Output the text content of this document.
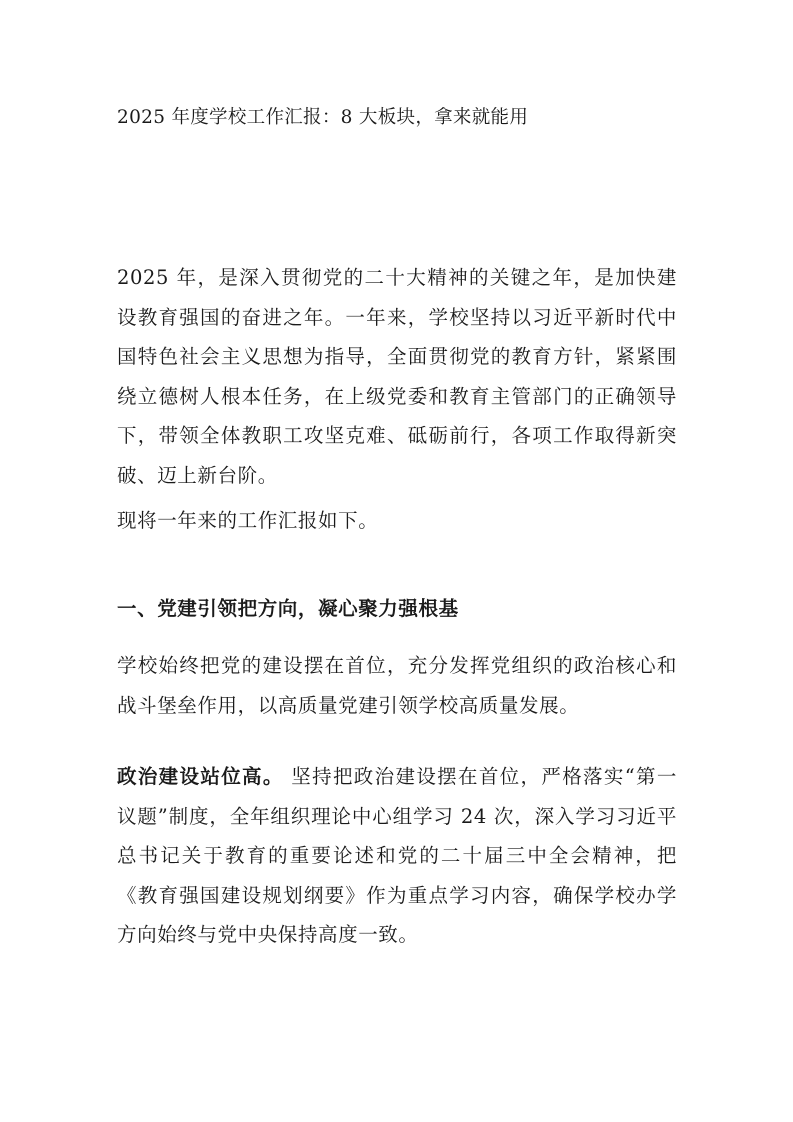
2025 年度学校工作汇报：8 大板块，拿来就能用

2025 年，是深入贯彻党的二十大精神的关键之年，是加快建设教育强国的奋进之年。一年来，学校坚持以习近平新时代中国特色社会主义思想为指导，全面贯彻党的教育方针，紧紧围绕立德树人根本任务，在上级党委和教育主管部门的正确领导下，带领全体教职工攻坚克难、砥砺前行，各项工作取得新突破、迈上新台阶。

现将一年来的工作汇报如下。

一、党建引领把方向，凝心聚力强根基

学校始终把党的建设摆在首位，充分发挥党组织的政治核心和战斗堡垒作用，以高质量党建引领学校高质量发展。

政治建设站位高。 坚持把政治建设摆在首位，严格落实“第一议题”制度，全年组织理论中心组学习 24 次，深入学习习近平总书记关于教育的重要论述和党的二十届三中全会精神，把《教育强国建设规划纲要》作为重点学习内容，确保学校办学方向始终与党中央保持高度一致。
